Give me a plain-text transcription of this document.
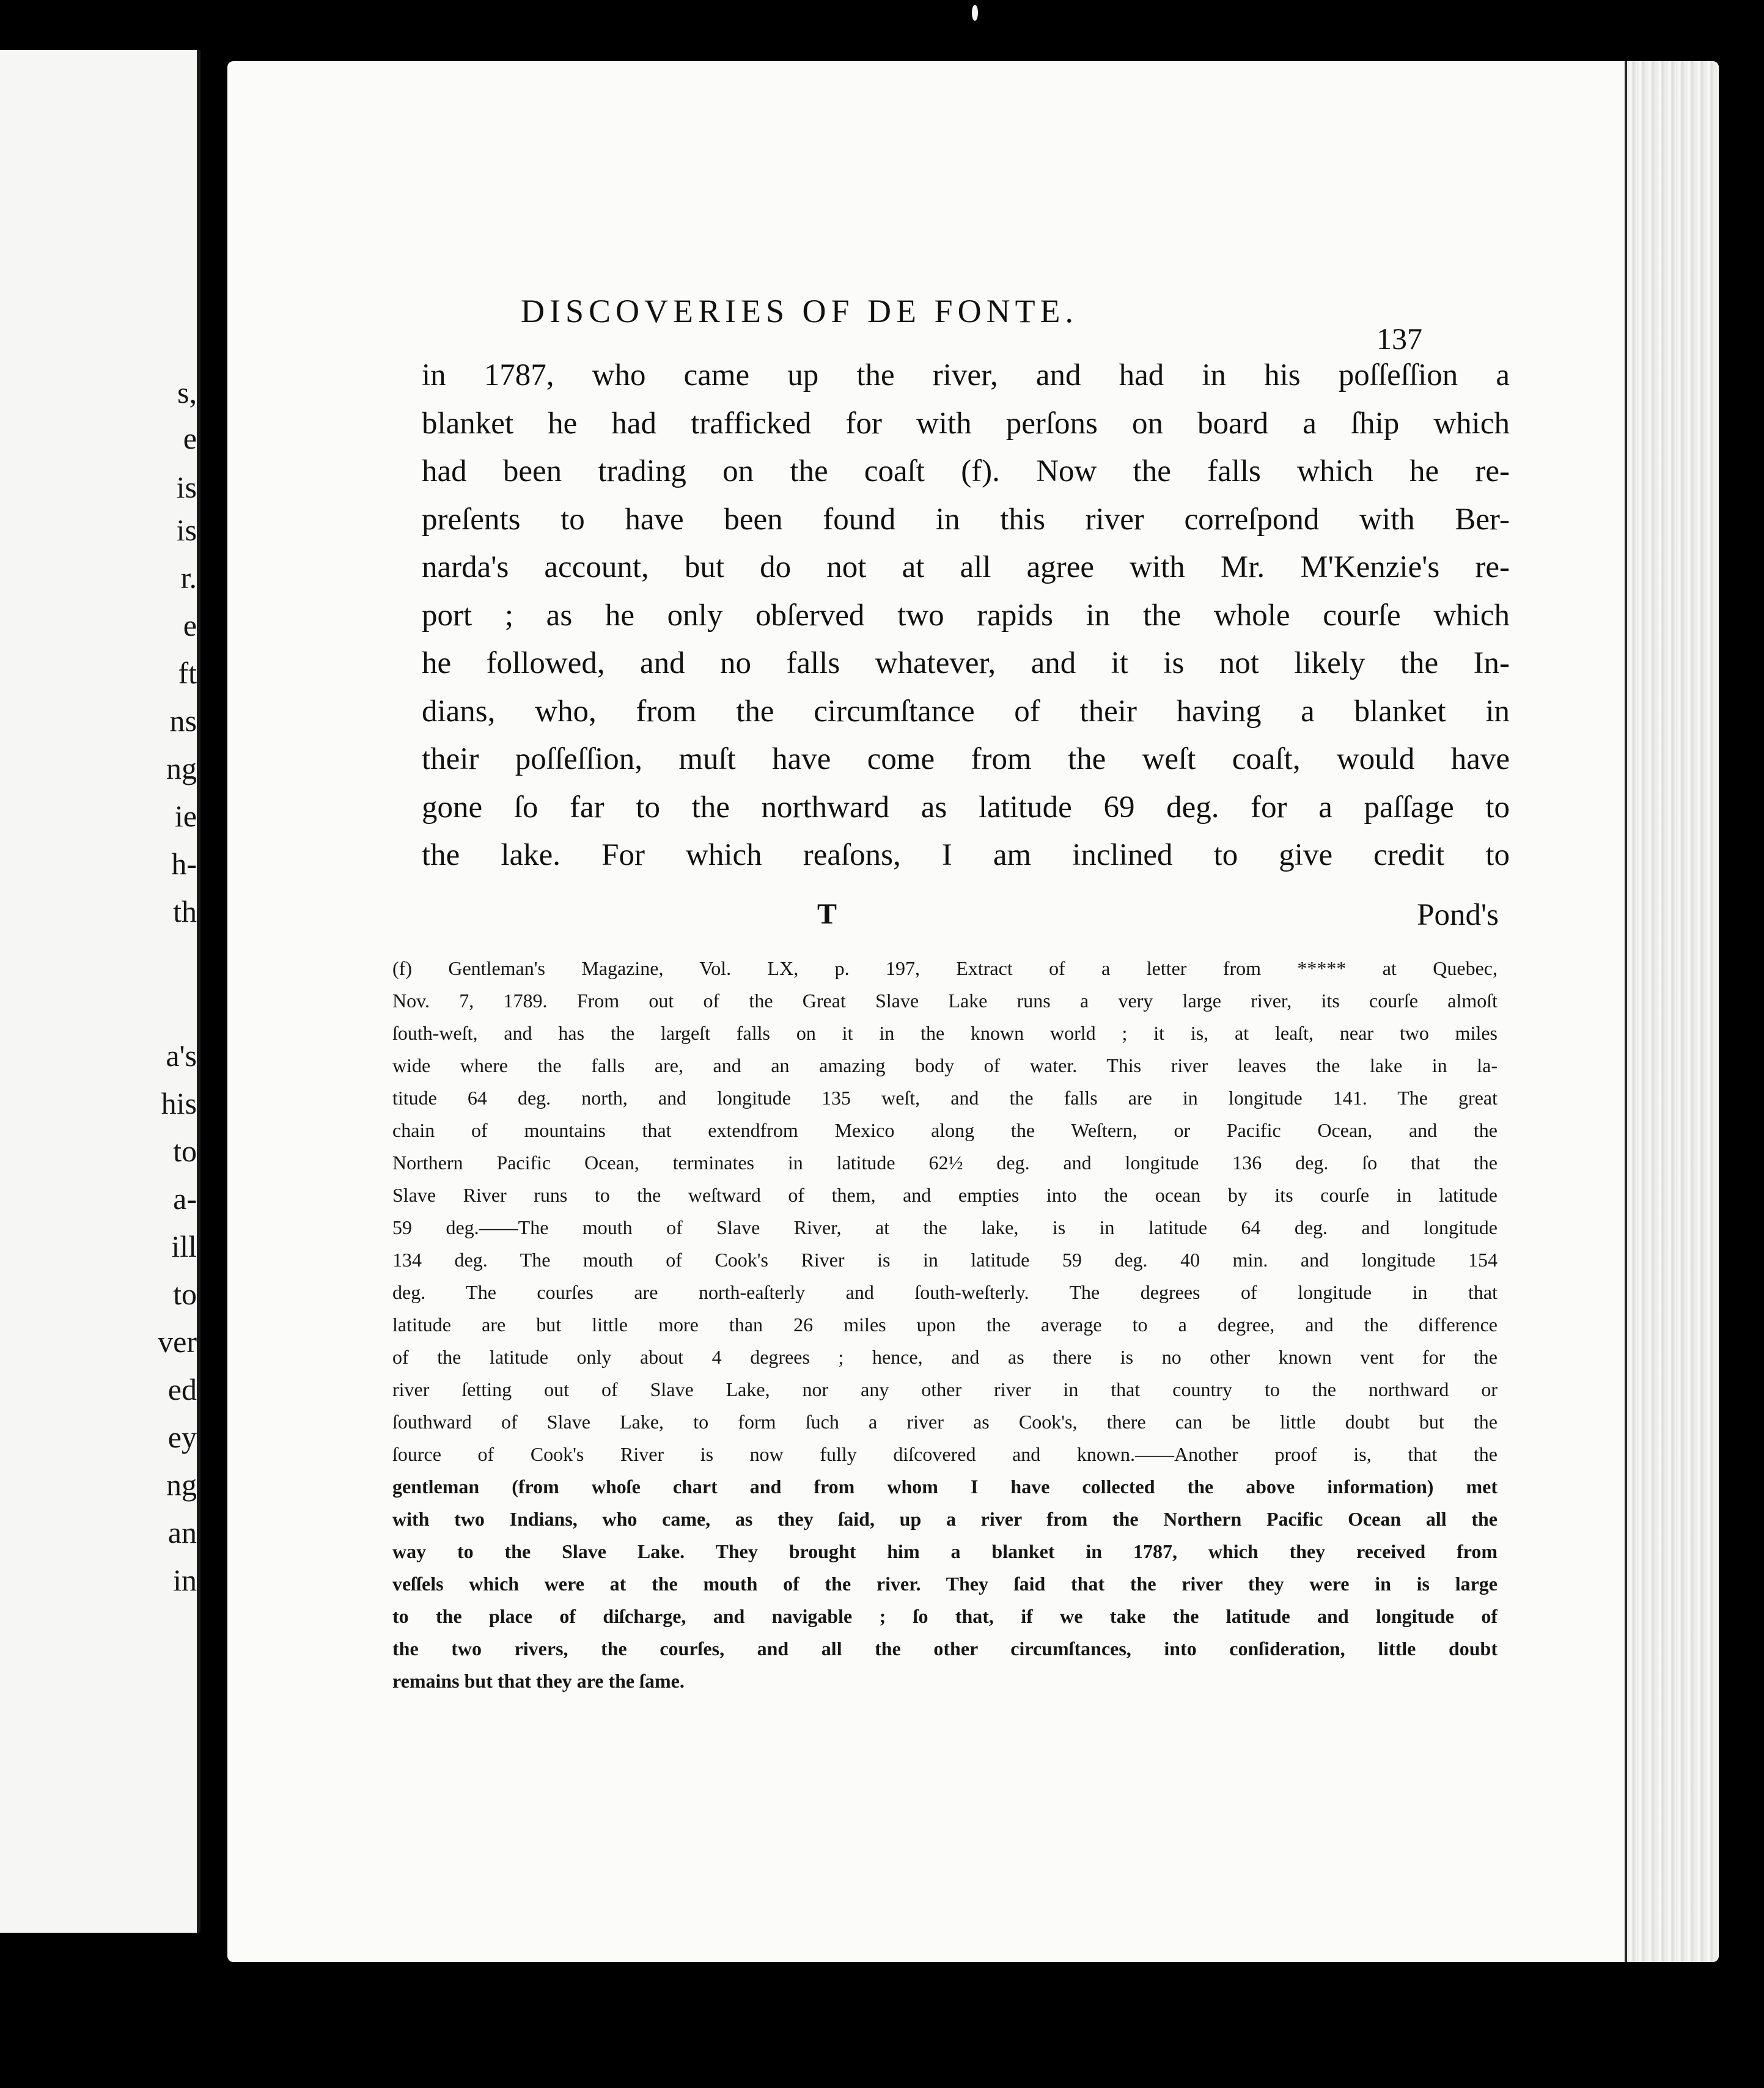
s,
e
is
is
r.
e
ft
ns
ng
ie
h-
th
a's
his
to
a-
ill
to
ver
ed
ey
ng
an
in
DISCOVERIES OF DE FONTE.
137
in 1787, who came up the river, and had in his poſſeſſion a
blanket he had trafficked for with perſons on board a ſhip which
had been trading on the coaſt (f). Now the falls which he re-
preſents to have been found in this river correſpond with Ber-
narda's account, but do not at all agree with Mr. M'Kenzie's re-
port ; as he only obſerved two rapids in the whole courſe which
he followed, and no falls whatever, and it is not likely the In-
dians, who, from the circumſtance of their having a blanket in
their poſſeſſion, muſt have come from the weſt coaſt, would have
gone ſo far to the northward as latitude 69 deg. for a paſſage to
the lake. For which reaſons, I am inclined to give credit to
T	Pond's
(f) Gentleman's Magazine, Vol. LX, p. 197, Extract of a letter from ***** at Quebec,
Nov. 7, 1789. From out of the Great Slave Lake runs a very large river, its courſe almoſt
ſouth-weſt, and has the largeſt falls on it in the known world ; it is, at leaſt, near two miles
wide where the falls are, and an amazing body of water. This river leaves the lake in la-
titude 64 deg. north, and longitude 135 weſt, and the falls are in longitude 141. The great
chain of mountains that extendfrom Mexico along the Weſtern, or Pacific Ocean, and the
Northern Pacific Ocean, terminates in latitude 62½ deg. and longitude 136 deg. ſo that the
Slave River runs to the weſtward of them, and empties into the ocean by its courſe in latitude
59 deg.——The mouth of Slave River, at the lake, is in latitude 64 deg. and longitude
134 deg. The mouth of Cook's River is in latitude 59 deg. 40 min. and longitude 154
deg. The courſes are north-eaſterly and ſouth-weſterly. The degrees of longitude in that
latitude are but little more than 26 miles upon the average to a degree, and the difference
of the latitude only about 4 degrees ; hence, and as there is no other known vent for the
river ſetting out of Slave Lake, nor any other river in that country to the northward or
ſouthward of Slave Lake, to form ſuch a river as Cook's, there can be little doubt but the
ſource of Cook's River is now fully diſcovered and known.——Another proof is, that the
gentleman (from whoſe chart and from whom I have collected the above information) met
with two Indians, who came, as they ſaid, up a river from the Northern Pacific Ocean all the
way to the Slave Lake. They brought him a blanket in 1787, which they received from
veſſels which were at the mouth of the river. They ſaid that the river they were in is large
to the place of diſcharge, and navigable ; ſo that, if we take the latitude and longitude of
the two rivers, the courſes, and all the other circumſtances, into conſideration, little doubt
remains but that they are the ſame.
